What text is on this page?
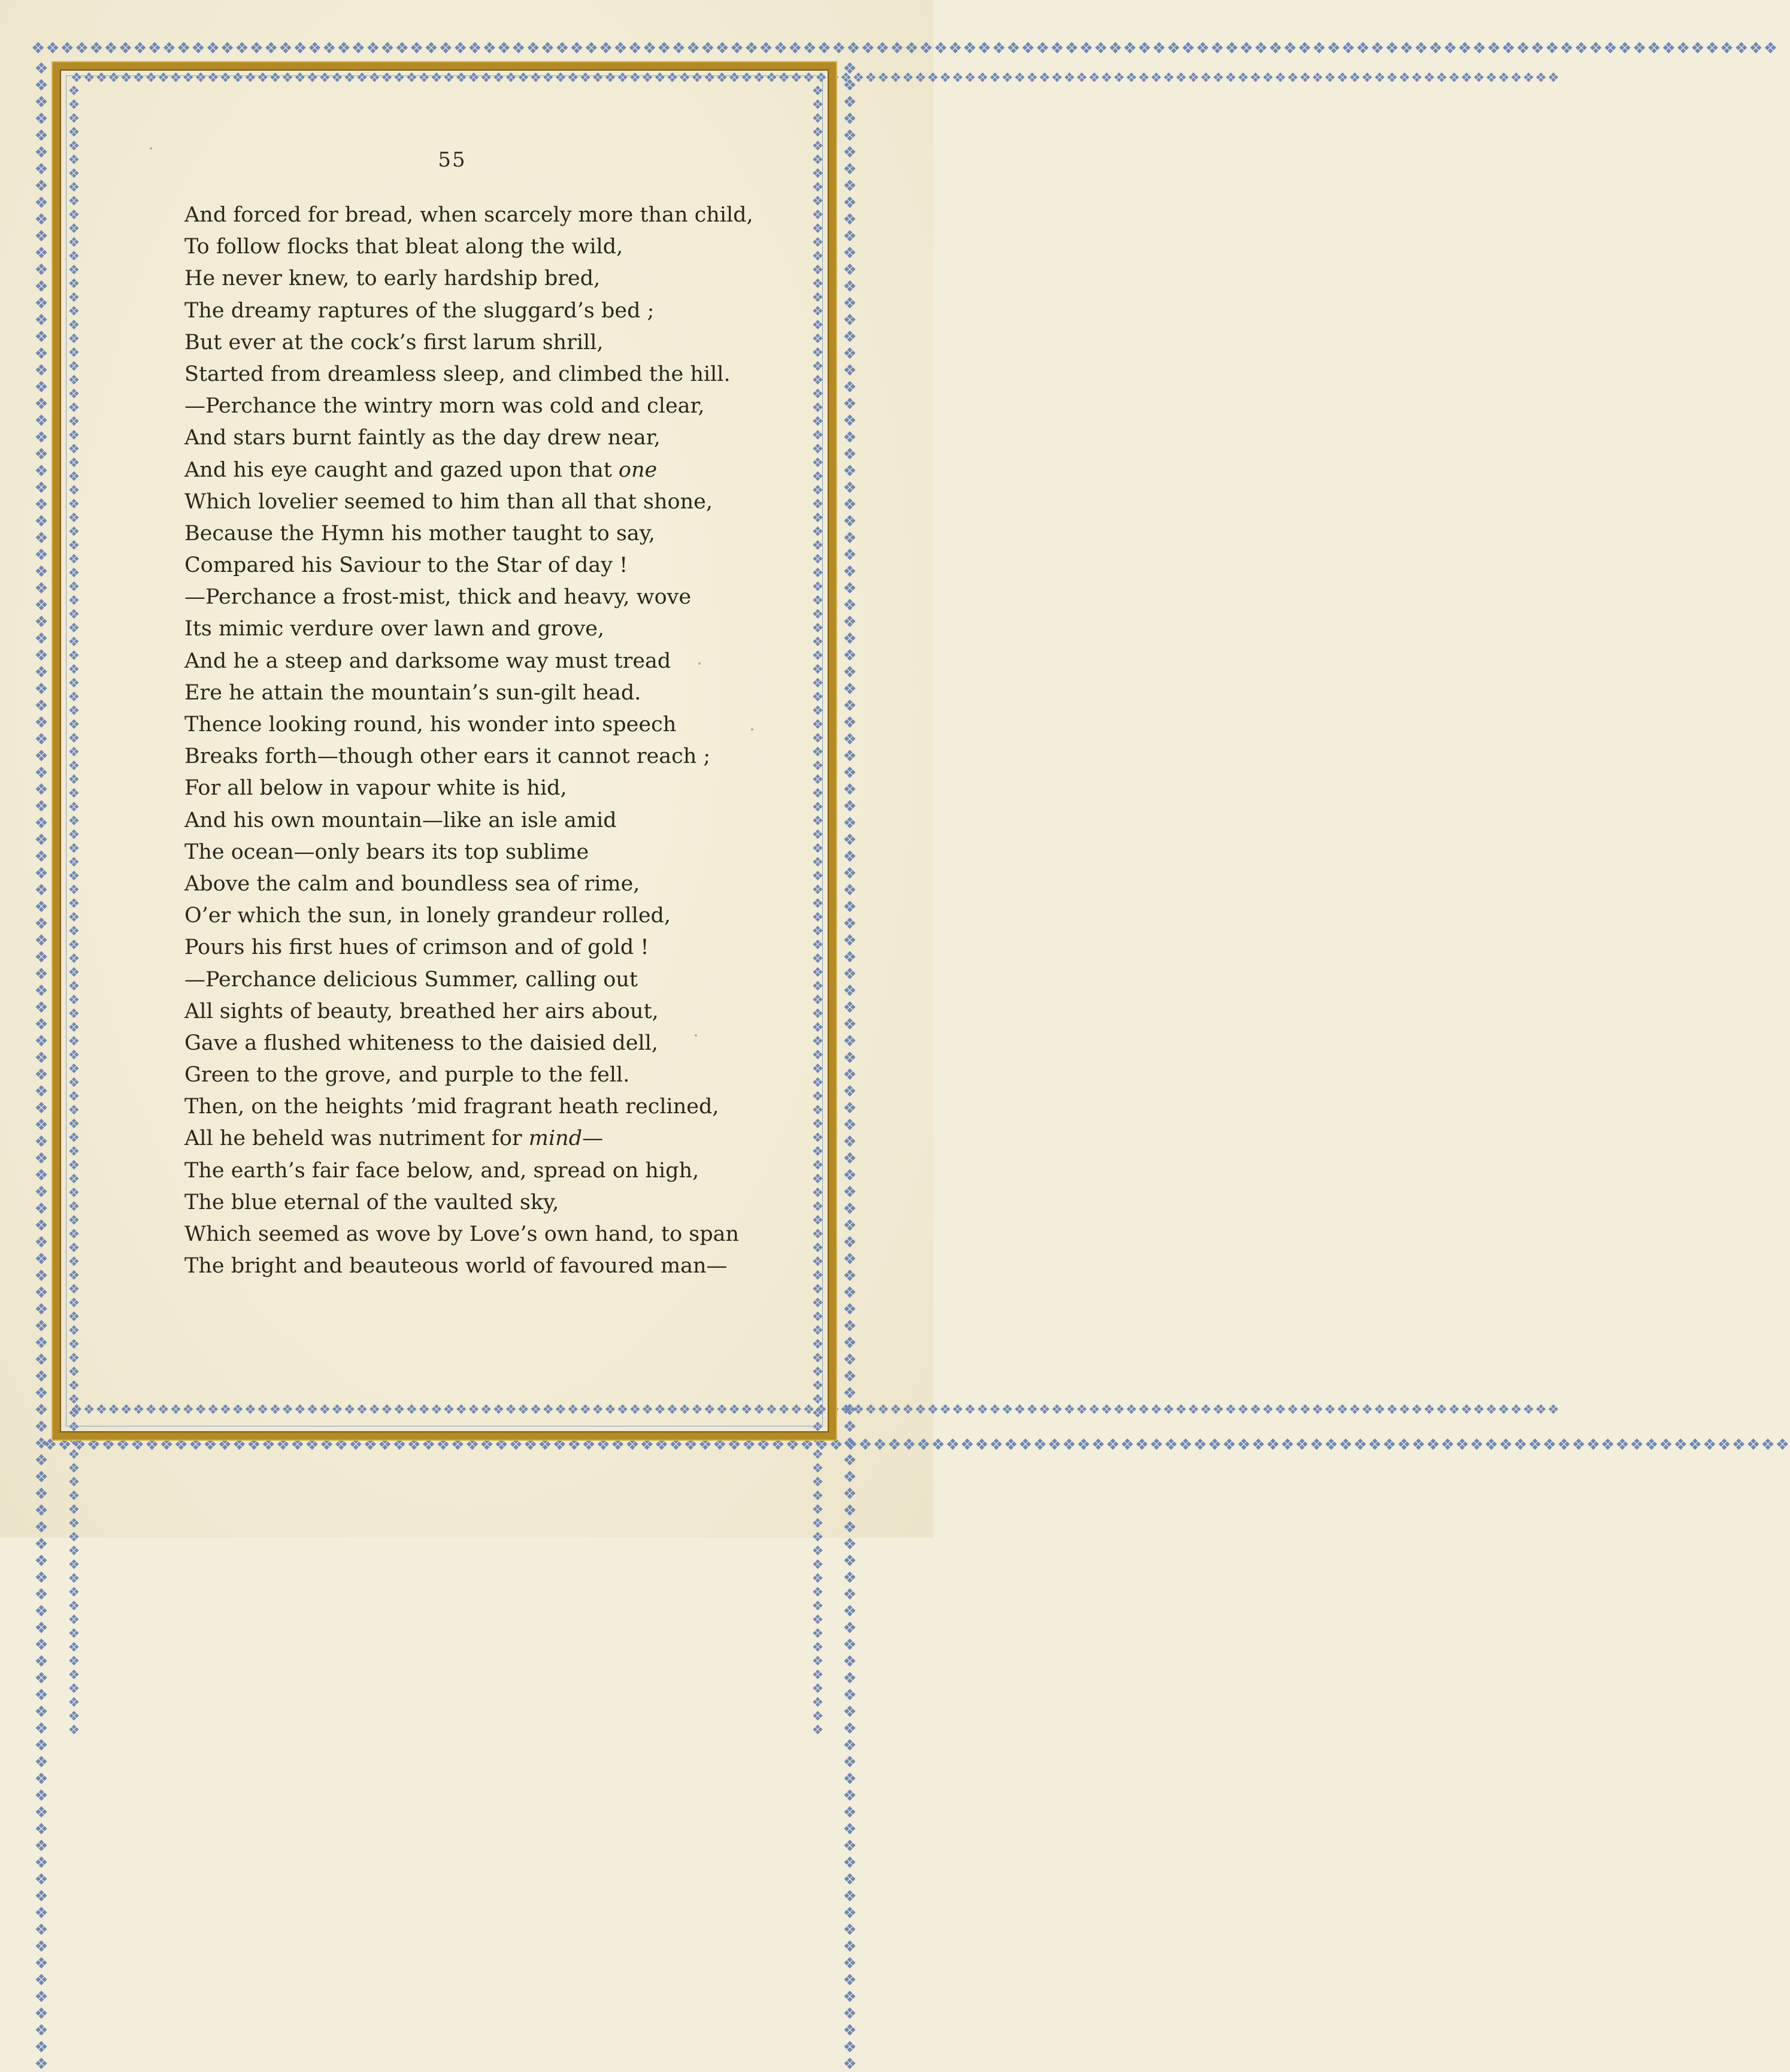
❖❖❖❖❖❖❖❖❖❖❖❖❖❖❖❖❖❖❖❖❖❖❖❖❖❖❖❖❖❖❖❖❖❖❖❖❖❖❖❖❖❖❖❖❖❖❖❖❖❖❖❖❖❖❖❖❖❖❖❖❖❖❖❖❖❖❖❖❖❖❖❖❖❖❖❖❖❖❖❖❖❖❖❖❖❖❖❖❖❖❖❖❖❖❖❖❖❖❖❖❖❖❖❖❖❖❖❖❖❖❖❖❖❖❖❖❖❖❖❖
❖❖❖❖❖❖❖❖❖❖❖❖❖❖❖❖❖❖❖❖❖❖❖❖❖❖❖❖❖❖❖❖❖❖❖❖❖❖❖❖❖❖❖❖❖❖❖❖❖❖❖❖❖❖❖❖❖❖❖❖❖❖❖❖❖❖❖❖❖❖❖❖❖❖❖❖❖❖❖❖❖❖❖❖❖❖❖❖❖❖❖❖❖❖❖❖❖❖❖❖❖❖❖❖❖❖❖❖❖❖❖❖❖❖❖❖❖❖❖❖
❖❖❖❖❖❖❖❖❖❖❖❖❖❖❖❖❖❖❖❖❖❖❖❖❖❖❖❖❖❖❖❖❖❖❖❖❖❖❖❖❖❖❖❖❖❖❖❖❖❖❖❖❖❖❖❖❖❖❖❖❖❖❖❖❖❖❖❖❖❖❖❖❖❖❖❖❖❖❖❖❖❖❖❖❖❖❖❖❖❖❖❖❖❖❖❖❖❖❖❖❖❖❖❖❖❖❖❖❖❖❖❖❖❖❖❖❖❖❖❖
❖❖❖❖❖❖❖❖❖❖❖❖❖❖❖❖❖❖❖❖❖❖❖❖❖❖❖❖❖❖❖❖❖❖❖❖❖❖❖❖❖❖❖❖❖❖❖❖❖❖❖❖❖❖❖❖❖❖❖❖❖❖❖❖❖❖❖❖❖❖❖❖❖❖❖❖❖❖❖❖❖❖❖❖❖❖❖❖❖❖❖❖❖❖❖❖❖❖❖❖❖❖❖❖❖❖❖❖❖❖❖❖❖❖❖❖❖❖❖❖
❖❖❖❖❖❖❖❖❖❖❖❖❖❖❖❖❖❖❖❖❖❖❖❖❖❖❖❖❖❖❖❖❖❖❖❖❖❖❖❖❖❖❖❖❖❖❖❖❖❖❖❖❖❖❖❖❖❖❖❖❖❖❖❖❖❖❖❖❖❖❖❖❖❖❖❖❖❖❖❖❖❖❖❖❖❖❖❖❖❖❖❖❖❖❖❖❖❖❖❖❖❖❖❖❖❖❖❖❖❖❖❖❖❖❖❖❖❖❖❖ ❖❖❖❖❖❖❖❖❖❖❖❖❖❖❖❖❖❖❖❖❖❖❖❖❖❖❖❖❖❖❖❖❖❖❖❖❖❖❖❖❖❖❖❖❖❖❖❖❖❖❖❖❖❖❖❖❖❖❖❖❖❖❖❖❖❖❖❖❖❖❖❖❖❖❖❖❖❖❖❖❖❖❖❖❖❖❖❖❖❖❖❖❖❖❖❖❖❖❖❖❖❖❖❖❖❖❖❖❖❖❖❖❖❖❖❖❖❖❖❖	❖❖❖❖❖❖❖❖❖❖❖❖❖❖❖❖❖❖❖❖❖❖❖❖❖❖❖❖❖❖❖❖❖❖❖❖❖❖❖❖❖❖❖❖❖❖❖❖❖❖❖❖❖❖❖❖❖❖❖❖❖❖❖❖❖❖❖❖❖❖❖❖❖❖❖❖❖❖❖❖❖❖❖❖❖❖❖❖❖❖❖❖❖❖❖❖❖❖❖❖❖❖❖❖❖❖❖❖❖❖❖❖❖❖❖❖❖❖❖❖ ❖❖❖❖❖❖❖❖❖❖❖❖❖❖❖❖❖❖❖❖❖❖❖❖❖❖❖❖❖❖❖❖❖❖❖❖❖❖❖❖❖❖❖❖❖❖❖❖❖❖❖❖❖❖❖❖❖❖❖❖❖❖❖❖❖❖❖❖❖❖❖❖❖❖❖❖❖❖❖❖❖❖❖❖❖❖❖❖❖❖❖❖❖❖❖❖❖❖❖❖❖❖❖❖❖❖❖❖❖❖❖❖❖❖❖❖❖❖❖❖
55
And forced for bread, when scarcely more than child,
To follow flocks that bleat along the wild,
He never knew, to early hardship bred,
The dreamy raptures of the sluggard’s bed ;
But ever at the cock’s first larum shrill,
Started from dreamless sleep, and climbed the hill.
—Perchance the wintry morn was cold and clear,
And stars burnt faintly as the day drew near,
And his eye caught and gazed upon that one
Which lovelier seemed to him than all that shone,
Because the Hymn his mother taught to say,
Compared his Saviour to the Star of day !
—Perchance a frost-mist, thick and heavy, wove
Its mimic verdure over lawn and grove,
And he a steep and darksome way must tread
Ere he attain the mountain’s sun-gilt head.
Thence looking round, his wonder into speech
Breaks forth—though other ears it cannot reach ;
For all below in vapour white is hid,
And his own mountain—like an isle amid
The ocean—only bears its top sublime
Above the calm and boundless sea of rime,
O’er which the sun, in lonely grandeur rolled,
Pours his first hues of crimson and of gold !
—Perchance delicious Summer, calling out
All sights of beauty, breathed her airs about,
Gave a flushed whiteness to the daisied dell,
Green to the grove, and purple to the fell.
Then, on the heights ’mid fragrant heath reclined,
All he beheld was nutriment for mind—
The earth’s fair face below, and, spread on high,
The blue eternal of the vaulted sky,
Which seemed as wove by Love’s own hand, to span
The bright and beauteous world of favoured man—
